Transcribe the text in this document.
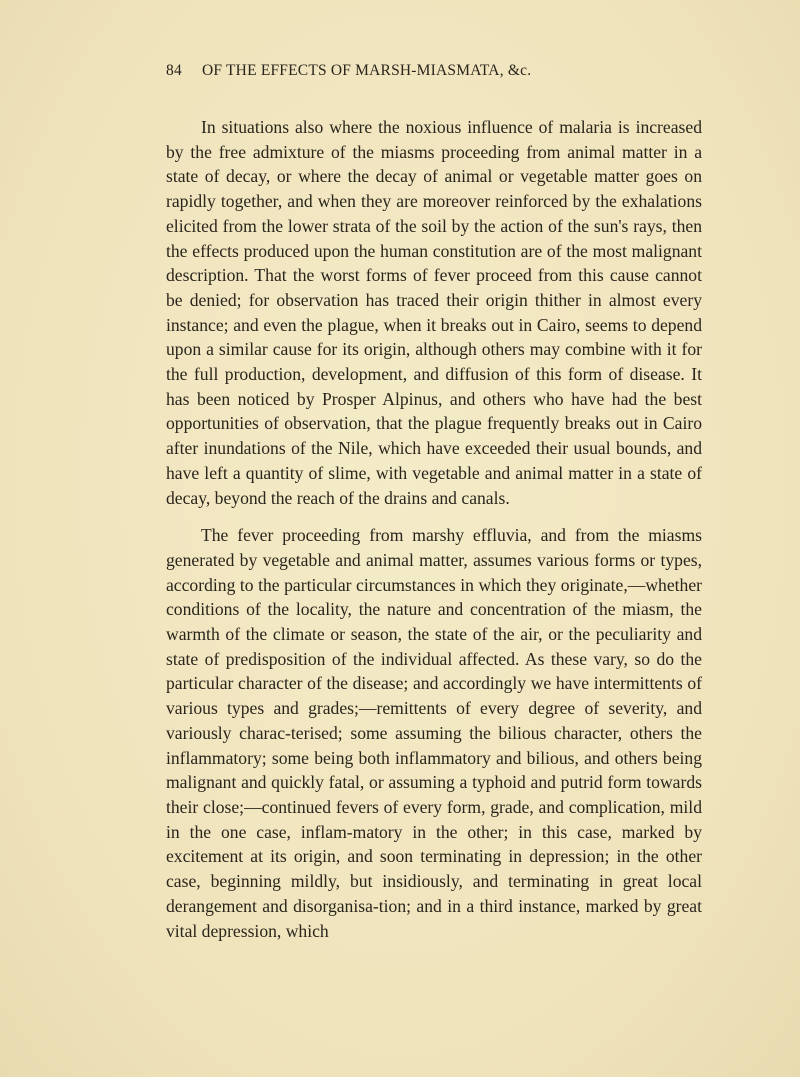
84 OF THE EFFECTS OF MARSH-MIASMATA, &c.

In situations also where the noxious influence of malaria is increased by the free admixture of the miasms proceeding from animal matter in a state of decay, or where the decay of animal or vegetable matter goes on rapidly together, and when they are moreover reinforced by the exhalations elicited from the lower strata of the soil by the action of the sun's rays, then the effects produced upon the human constitution are of the most malignant description. That the worst forms of fever proceed from this cause cannot be denied; for observation has traced their origin thither in almost every instance; and even the plague, when it breaks out in Cairo, seems to depend upon a similar cause for its origin, although others may combine with it for the full production, development, and diffusion of this form of disease. It has been noticed by Prosper Alpinus, and others who have had the best opportunities of observation, that the plague frequently breaks out in Cairo after inundations of the Nile, which have exceeded their usual bounds, and have left a quantity of slime, with vegetable and animal matter in a state of decay, beyond the reach of the drains and canals.

The fever proceeding from marshy effluvia, and from the miasms generated by vegetable and animal matter, assumes various forms or types, according to the particular circumstances in which they originate,—whether conditions of the locality, the nature and concentration of the miasm, the warmth of the climate or season, the state of the air, or the peculiarity and state of predisposition of the individual affected. As these vary, so do the particular character of the disease; and accordingly we have intermittents of various types and grades;—remittents of every degree of severity, and variously charac-terised; some assuming the bilious character, others the inflammatory; some being both inflammatory and bilious, and others being malignant and quickly fatal, or assuming a typhoid and putrid form towards their close;—continued fevers of every form, grade, and complication, mild in the one case, inflam-matory in the other; in this case, marked by excitement at its origin, and soon terminating in depression; in the other case, beginning mildly, but insidiously, and terminating in great local derangement and disorganisa-tion; and in a third instance, marked by great vital depression, which
